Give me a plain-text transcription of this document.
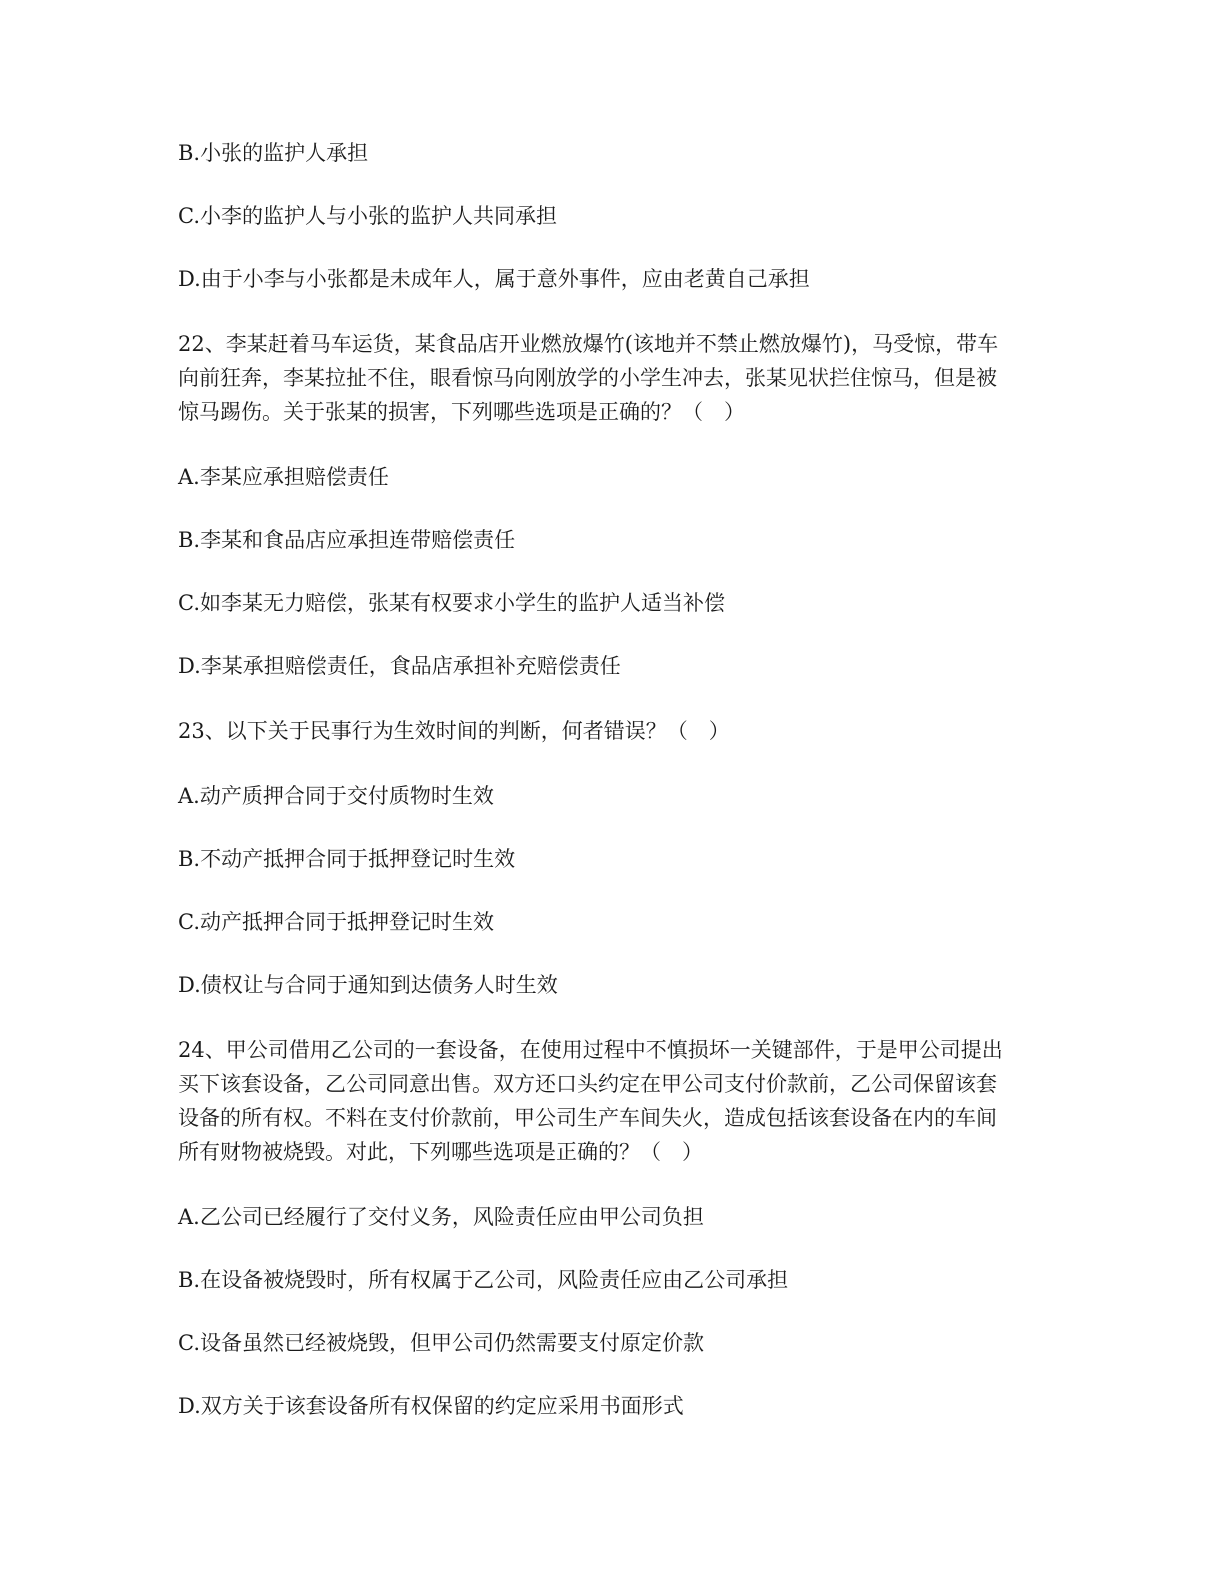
B.小张的监护人承担

C.小李的监护人与小张的监护人共同承担

D.由于小李与小张都是未成年人，属于意外事件，应由老黄自己承担

22、李某赶着马车运货，某食品店开业燃放爆竹(该地并不禁止燃放爆竹)，马受惊，带车
向前狂奔，李某拉扯不住，眼看惊马向刚放学的小学生冲去，张某见状拦住惊马，但是被
惊马踢伤。关于张某的损害，下列哪些选项是正确的？（　）

A.李某应承担赔偿责任

B.李某和食品店应承担连带赔偿责任

C.如李某无力赔偿，张某有权要求小学生的监护人适当补偿

D.李某承担赔偿责任，食品店承担补充赔偿责任

23、以下关于民事行为生效时间的判断，何者错误？（　）

A.动产质押合同于交付质物时生效

B.不动产抵押合同于抵押登记时生效

C.动产抵押合同于抵押登记时生效

D.债权让与合同于通知到达债务人时生效

24、甲公司借用乙公司的一套设备，在使用过程中不慎损坏一关键部件，于是甲公司提出
买下该套设备，乙公司同意出售。双方还口头约定在甲公司支付价款前，乙公司保留该套
设备的所有权。不料在支付价款前，甲公司生产车间失火，造成包括该套设备在内的车间
所有财物被烧毁。对此，下列哪些选项是正确的？（　）

A.乙公司已经履行了交付义务，风险责任应由甲公司负担

B.在设备被烧毁时，所有权属于乙公司，风险责任应由乙公司承担

C.设备虽然已经被烧毁，但甲公司仍然需要支付原定价款

D.双方关于该套设备所有权保留的约定应采用书面形式
